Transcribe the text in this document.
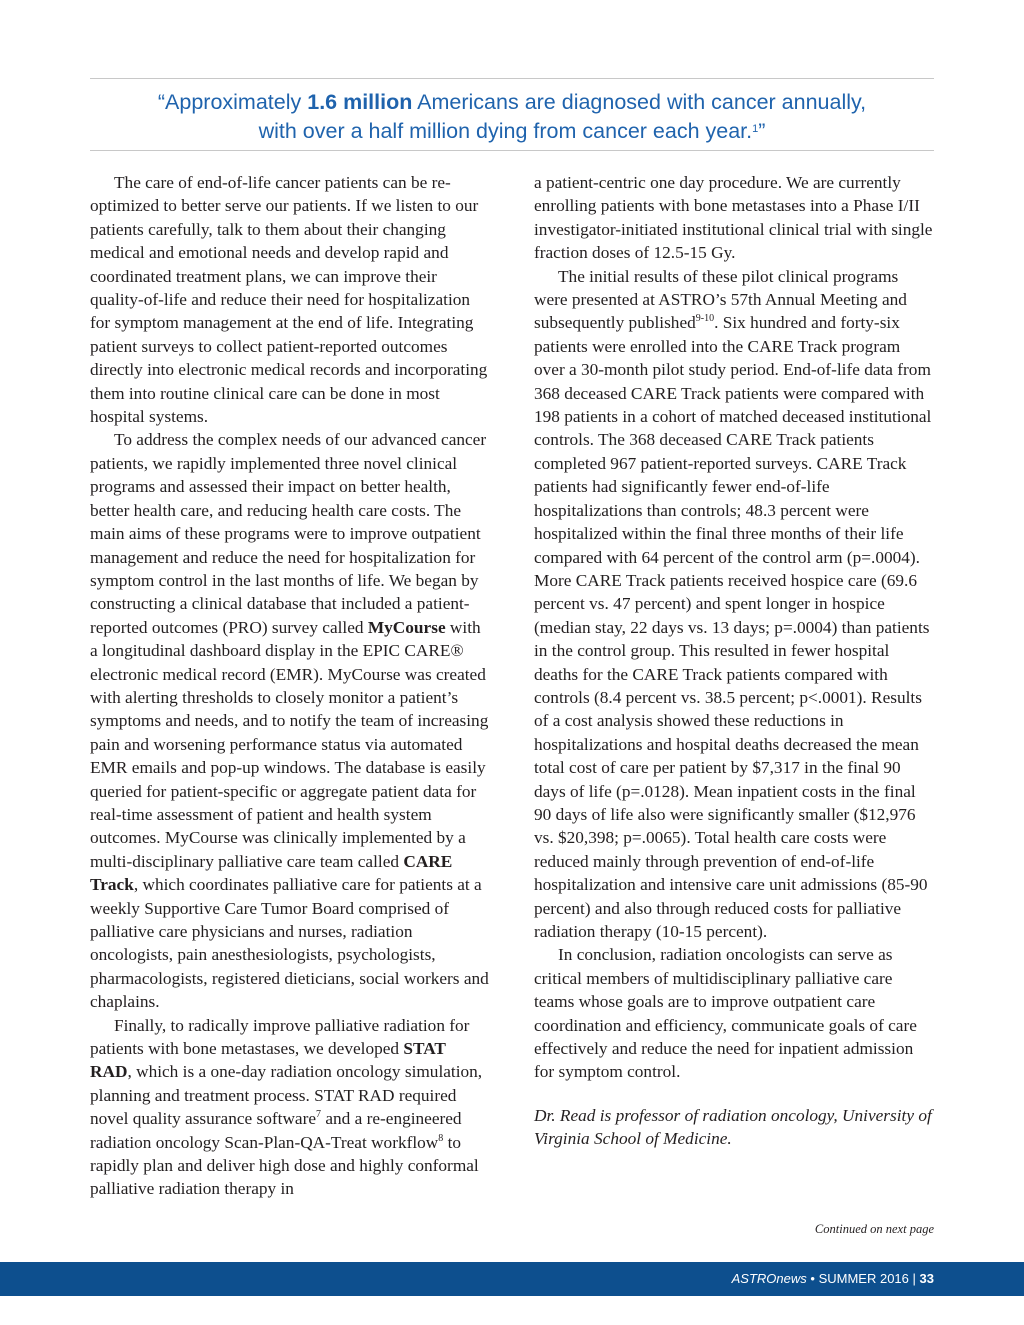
“Approximately 1.6 million Americans are diagnosed with cancer annually,
with over a half million dying from cancer each year.$^1$”

The care of end-of-life cancer patients can be re-optimized to better serve our patients. If we listen to our patients carefully, talk to them about their changing medical and emotional needs and develop rapid and coordinated treatment plans, we can improve their quality-of-life and reduce their need for hospitalization for symptom management at the end of life. Integrating patient surveys to collect patient-reported outcomes directly into electronic medical records and incorporating them into routine clinical care can be done in most hospital systems.

To address the complex needs of our advanced cancer patients, we rapidly implemented three novel clinical programs and assessed their impact on better health, better health care, and reducing health care costs. The main aims of these programs were to improve outpatient management and reduce the need for hospitalization for symptom control in the last months of life. We began by constructing a clinical database that included a patient-reported outcomes (PRO) survey called MyCourse with a longitudinal dashboard display in the EPIC CARE® electronic medical record (EMR). MyCourse was created with alerting thresholds to closely monitor a patient’s symptoms and needs, and to notify the team of increasing pain and worsening performance status via automated EMR emails and pop-up windows. The database is easily queried for patient-specific or aggregate patient data for real-time assessment of patient and health system outcomes. MyCourse was clinically implemented by a multi-disciplinary palliative care team called CARE Track, which coordinates palliative care for patients at a weekly Supportive Care Tumor Board comprised of palliative care physicians and nurses, radiation oncologists, pain anesthesiologists, psychologists, pharmacologists, registered dieticians, social workers and chaplains.

Finally, to radically improve palliative radiation for patients with bone metastases, we developed STAT RAD, which is a one-day radiation oncology simulation, planning and treatment process. STAT RAD required novel quality assurance software$^7$ and a re-engineered radiation oncology Scan-Plan-QA-Treat workflow$^8$ to rapidly plan and deliver high dose and highly conformal palliative radiation therapy in

a patient-centric one day procedure. We are currently enrolling patients with bone metastases into a Phase I/II investigator-initiated institutional clinical trial with single fraction doses of 12.5-15 Gy.

The initial results of these pilot clinical programs were presented at ASTRO’s 57th Annual Meeting and subsequently published$^{9-10}$. Six hundred and forty-six patients were enrolled into the CARE Track program over a 30-month pilot study period. End-of-life data from 368 deceased CARE Track patients were compared with 198 patients in a cohort of matched deceased institutional controls. The 368 deceased CARE Track patients completed 967 patient-reported surveys. CARE Track patients had significantly fewer end-of-life hospitalizations than controls; 48.3 percent were hospitalized within the final three months of their life compared with 64 percent of the control arm (p=.0004). More CARE Track patients received hospice care (69.6 percent vs. 47 percent) and spent longer in hospice (median stay, 22 days vs. 13 days; p=.0004) than patients in the control group. This resulted in fewer hospital deaths for the CARE Track patients compared with controls (8.4 percent vs. 38.5 percent; p<.0001). Results of a cost analysis showed these reductions in hospitalizations and hospital deaths decreased the mean total cost of care per patient by $7,317 in the final 90 days of life (p=.0128). Mean inpatient costs in the final 90 days of life also were significantly smaller ($12,976 vs. $20,398; p=.0065). Total health care costs were reduced mainly through prevention of end-of-life hospitalization and intensive care unit admissions (85-90 percent) and also through reduced costs for palliative radiation therapy (10-15 percent).

In conclusion, radiation oncologists can serve as critical members of multidisciplinary palliative care teams whose goals are to improve outpatient care coordination and efficiency, communicate goals of care effectively and reduce the need for inpatient admission for symptom control.

Dr. Read is professor of radiation oncology, University of Virginia School of Medicine.

Continued on next page
ASTROnews • SUMMER 2016 | 33
